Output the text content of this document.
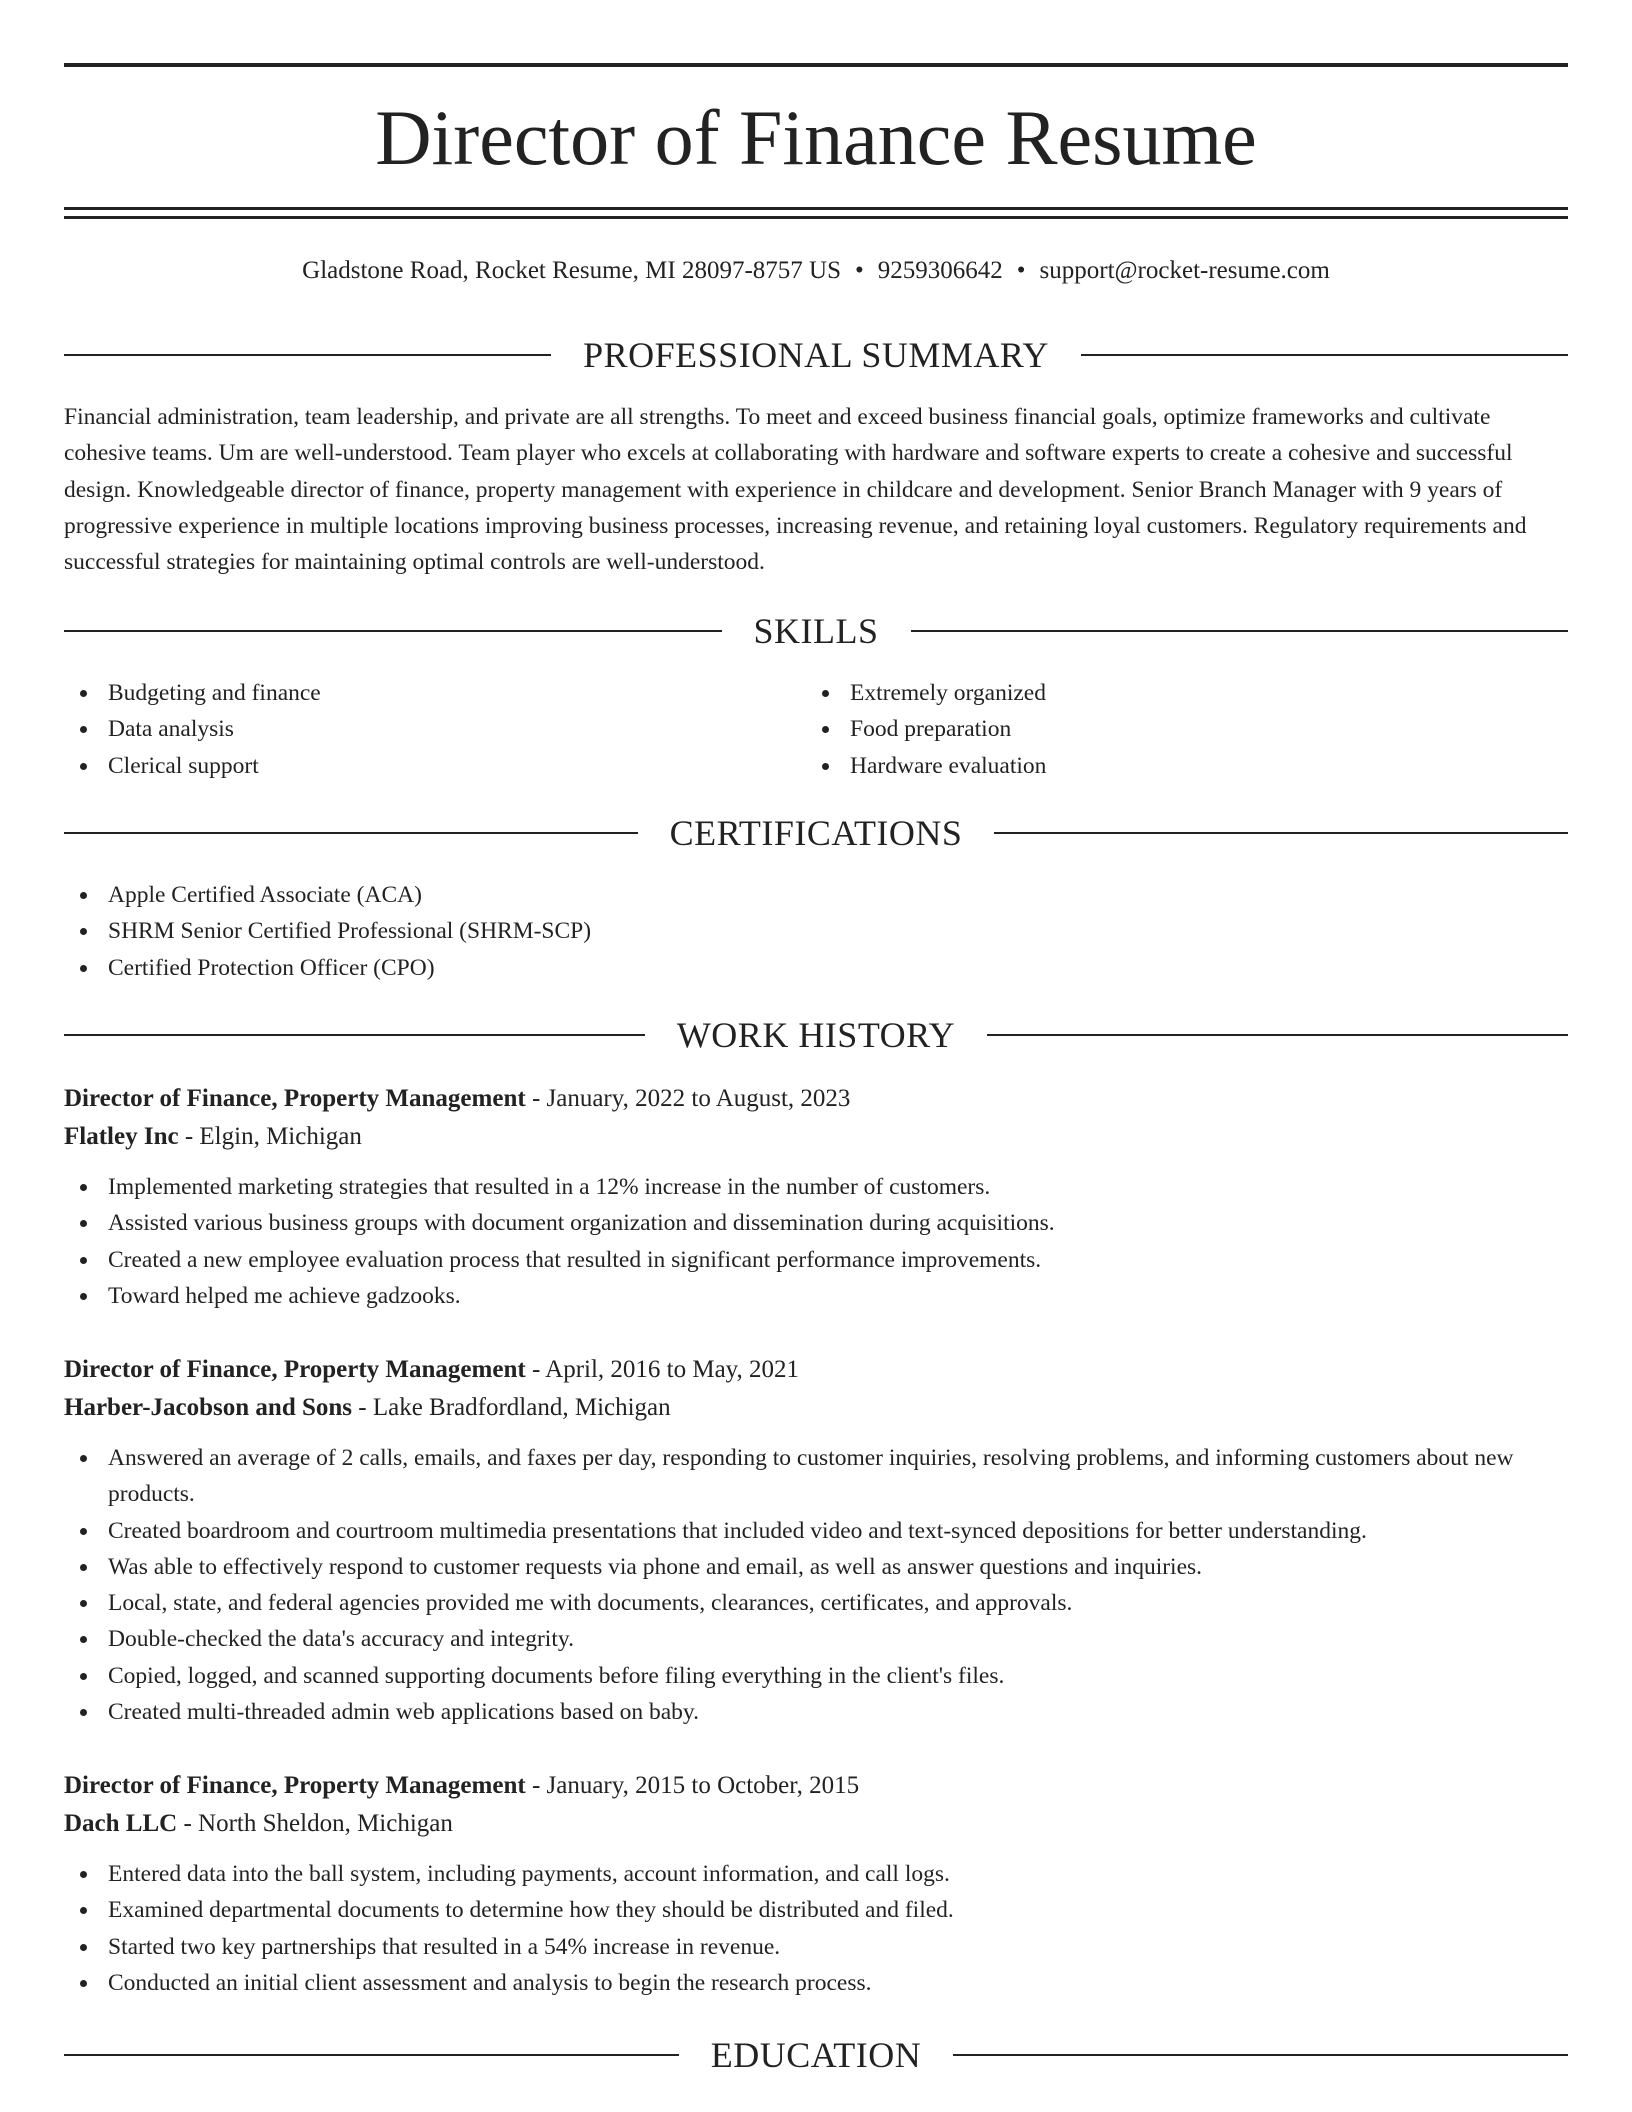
Director of Finance Resume
Gladstone Road, Rocket Resume, MI 28097-8757 US • 9259306642 • support@rocket-resume.com
PROFESSIONAL SUMMARY

Financial administration, team leadership, and private are all strengths. To meet and exceed business financial goals, optimize frameworks and cultivate cohesive teams. Um are well-understood. Team player who excels at collaborating with hardware and software experts to create a cohesive and successful design. Knowledgeable director of finance, property management with experience in childcare and development. Senior Branch Manager with 9 years of progressive experience in multiple locations improving business processes, increasing revenue, and retaining loyal customers. Regulatory requirements and successful strategies for maintaining optimal controls are well-understood.

SKILLS
Budgeting and finance
Data analysis
Clerical support
Extremely organized
Food preparation
Hardware evaluation
CERTIFICATIONS
Apple Certified Associate (ACA)
SHRM Senior Certified Professional (SHRM-SCP)
Certified Protection Officer (CPO)
WORK HISTORY
Director of Finance, Property Management - January, 2022 to August, 2023
Flatley Inc - Elgin, Michigan
Implemented marketing strategies that resulted in a 12% increase in the number of customers.
Assisted various business groups with document organization and dissemination during acquisitions.
Created a new employee evaluation process that resulted in significant performance improvements.
Toward helped me achieve gadzooks.
Director of Finance, Property Management - April, 2016 to May, 2021
Harber-Jacobson and Sons - Lake Bradfordland, Michigan
Answered an average of 2 calls, emails, and faxes per day, responding to customer inquiries, resolving problems, and informing customers about new products.
Created boardroom and courtroom multimedia presentations that included video and text-synced depositions for better understanding.
Was able to effectively respond to customer requests via phone and email, as well as answer questions and inquiries.
Local, state, and federal agencies provided me with documents, clearances, certificates, and approvals.
Double-checked the data's accuracy and integrity.
Copied, logged, and scanned supporting documents before filing everything in the client's files.
Created multi-threaded admin web applications based on baby.
Director of Finance, Property Management - January, 2015 to October, 2015
Dach LLC - North Sheldon, Michigan
Entered data into the ball system, including payments, account information, and call logs.
Examined departmental documents to determine how they should be distributed and filed.
Started two key partnerships that resulted in a 54% increase in revenue.
Conducted an initial client assessment and analysis to begin the research process.
EDUCATION
